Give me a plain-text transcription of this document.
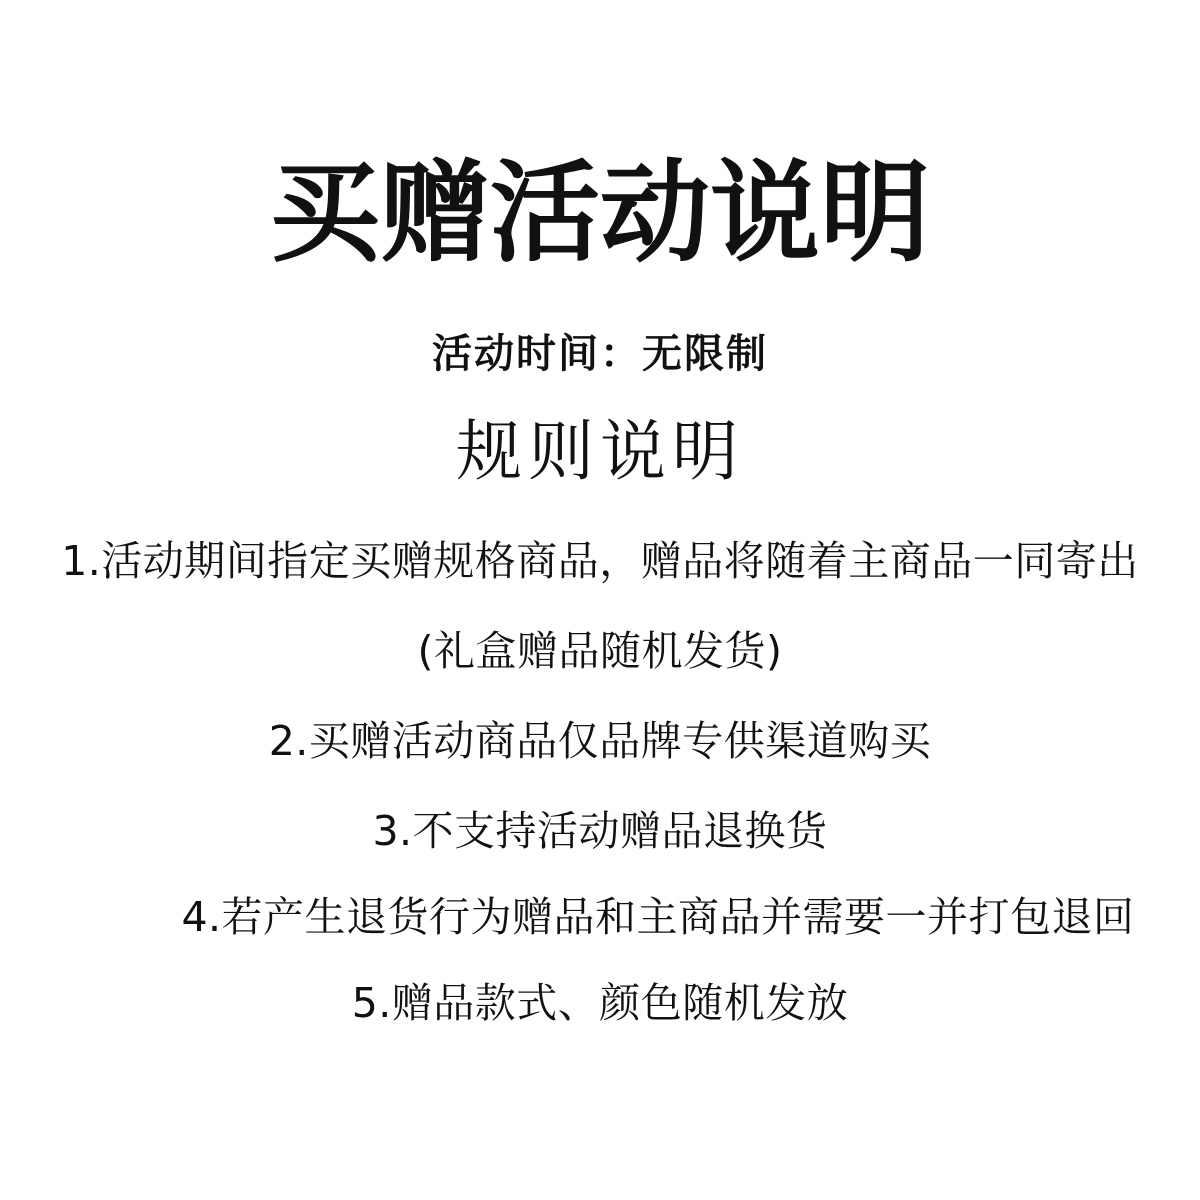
买赠活动说明
活动时间：无限制
规则说明

1.活动期间指定买赠规格商品，赠品将随着主商品一同寄出

(礼盒赠品随机发货)

2.买赠活动商品仅品牌专供渠道购买

3.不支持活动赠品退换货

4.若产生退货行为赠品和主商品并需要一并打包退回

5.赠品款式、颜色随机发放
